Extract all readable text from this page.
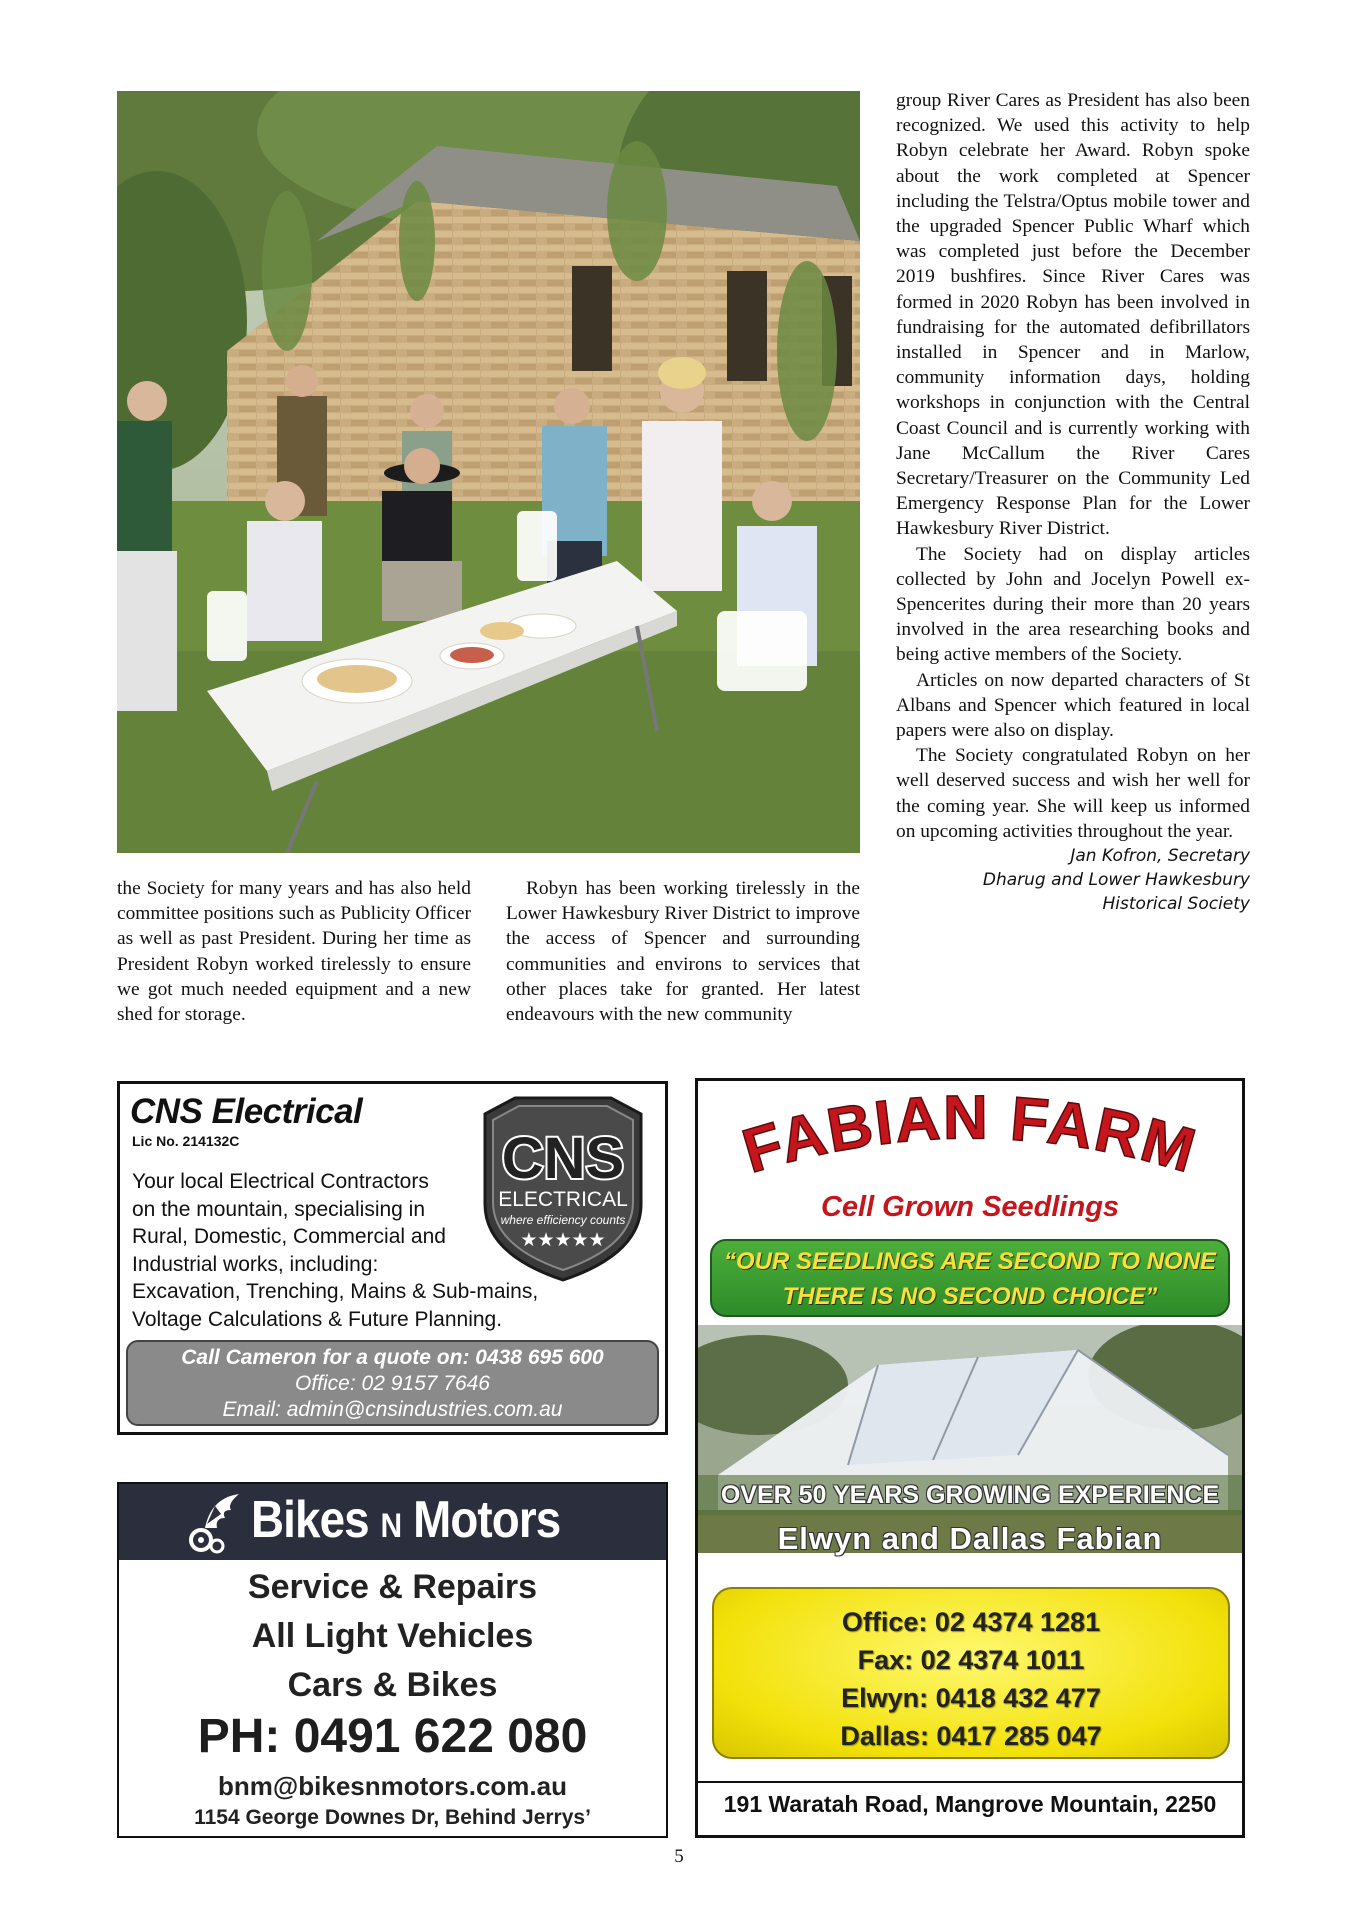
the Society for many years and has also held committee positions such as Publicity Officer as well as past President. During her time as President Robyn worked tirelessly to ensure we got much needed equipment and a new shed for storage.

Robyn has been working tirelessly in the Lower Hawkesbury River District to improve the access of Spencer and surrounding communities and environs to services that other places take for granted. Her latest endeavours with the new community

group River Cares as President has also been recognized. We used this activity to help Robyn celebrate her Award. Robyn spoke about the work completed at Spencer including the Telstra/Optus mobile tower and the upgraded Spencer Public Wharf which was completed just before the December 2019 bushfires. Since River Cares was formed in 2020 Robyn has been involved in fundraising for the automated defibrillators installed in Spencer and in Marlow, community information days, holding workshops in conjunction with the Central Coast Council and is currently working with Jane McCallum the River Cares Secretary/Treasurer on the Community Led Emergency Response Plan for the Lower Hawkesbury River District.

The Society had on display articles collected by John and Jocelyn Powell ex-Spencerites during their more than 20 years involved in the area researching books and being active members of the Society.

Articles on now departed characters of St Albans and Spencer which featured in local papers were also on display.

The Society congratulated Robyn on her well deserved success and wish her well for the coming year. She will keep us informed on upcoming activities throughout the year.

Jan Kofron, Secretary
Dharug and Lower Hawkesbury
Historical Society
CNS Electrical
Lic No. 214132C
Your local Electrical Contractors
on the mountain, specialising in
Rural, Domestic, Commercial and
Industrial works, including:
Excavation, Trenching, Mains & Sub-mains,
Voltage Calculations & Future Planning.
CNS
ELECTRICAL
where efficiency counts
★★★★★
Call Cameron for a quote on: 0438 695 600
Office: 02 9157 7646
Email: admin@cnsindustries.com.au
Bikes N Motors
Service & Repairs
All Light Vehicles
Cars & Bikes
PH: 0491 622 080
bnm@bikesnmotors.com.au
1154 George Downes Dr, Behind Jerrys’
FABIAN FARM
Cell Grown Seedlings
“OUR SEEDLINGS ARE SECOND TO NONE
THERE IS NO SECOND CHOICE”
OVER 50 YEARS GROWING EXPERIENCE
Elwyn and Dallas Fabian
Office: 02 4374 1281
Fax: 02 4374 1011
Elwyn: 0418 432 477
Dallas: 0417 285 047
191 Waratah Road, Mangrove Mountain, 2250
5
